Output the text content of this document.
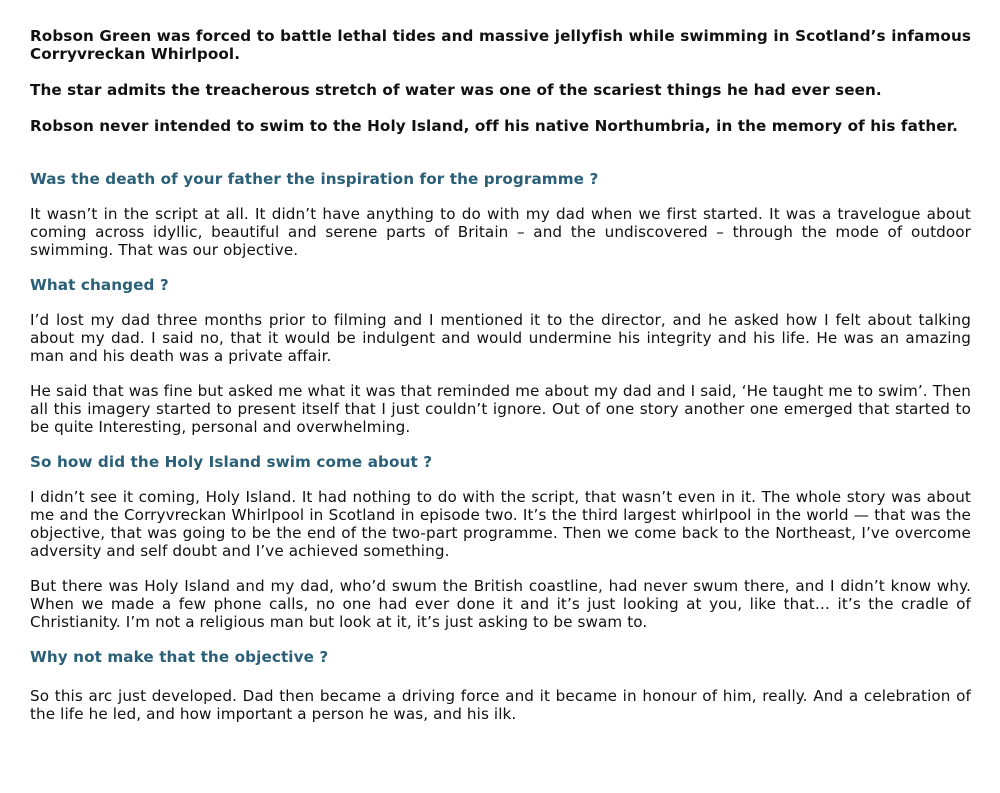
Robson Green was forced to battle lethal tides and massive jellyfish while swimming in Scotland’s infamous Corryvreckan Whirlpool.

The star admits the treacherous stretch of water was one of the scariest things he had ever seen.

Robson never intended to swim to the Holy Island, off his native Northumbria, in the memory of his father.

Was the death of your father the inspiration for the programme ?

It wasn’t in the script at all. It didn’t have anything to do with my dad when we first started. It was a travelogue about coming across idyllic, beautiful and serene parts of Britain – and the undiscovered – through the mode of outdoor swimming. That was our objective.

What changed ?

I’d lost my dad three months prior to filming and I mentioned it to the director, and he asked how I felt about talking about my dad. I said no, that it would be indulgent and would undermine his integrity and his life. He was an amazing man and his death was a private affair.

He said that was fine but asked me what it was that reminded me about my dad and I said, ‘He taught me to swim’. Then all this imagery started to present itself that I just couldn’t ignore. Out of one story another one emerged that started to be quite Interesting, personal and overwhelming.

So how did the Holy Island swim come about ?

I didn’t see it coming, Holy Island. It had nothing to do with the script, that wasn’t even in it. The whole story was about me and the Corryvreckan Whirlpool in Scotland in episode two. It’s the third largest whirlpool in the world — that was the objective, that was going to be the end of the two-part programme. Then we come back to the Northeast, I’ve overcome adversity and self doubt and I’ve achieved something.

But there was Holy Island and my dad, who’d swum the British coastline, had never swum there, and I didn’t know why. When we made a few phone calls, no one had ever done it and it’s just looking at you, like that… it’s the cradle of Christianity. I’m not a religious man but look at it, it’s just asking to be swam to.

Why not make that the objective ?

So this arc just developed. Dad then became a driving force and it became in honour of him, really. And a celebration of the life he led, and how important a person he was, and his ilk.
